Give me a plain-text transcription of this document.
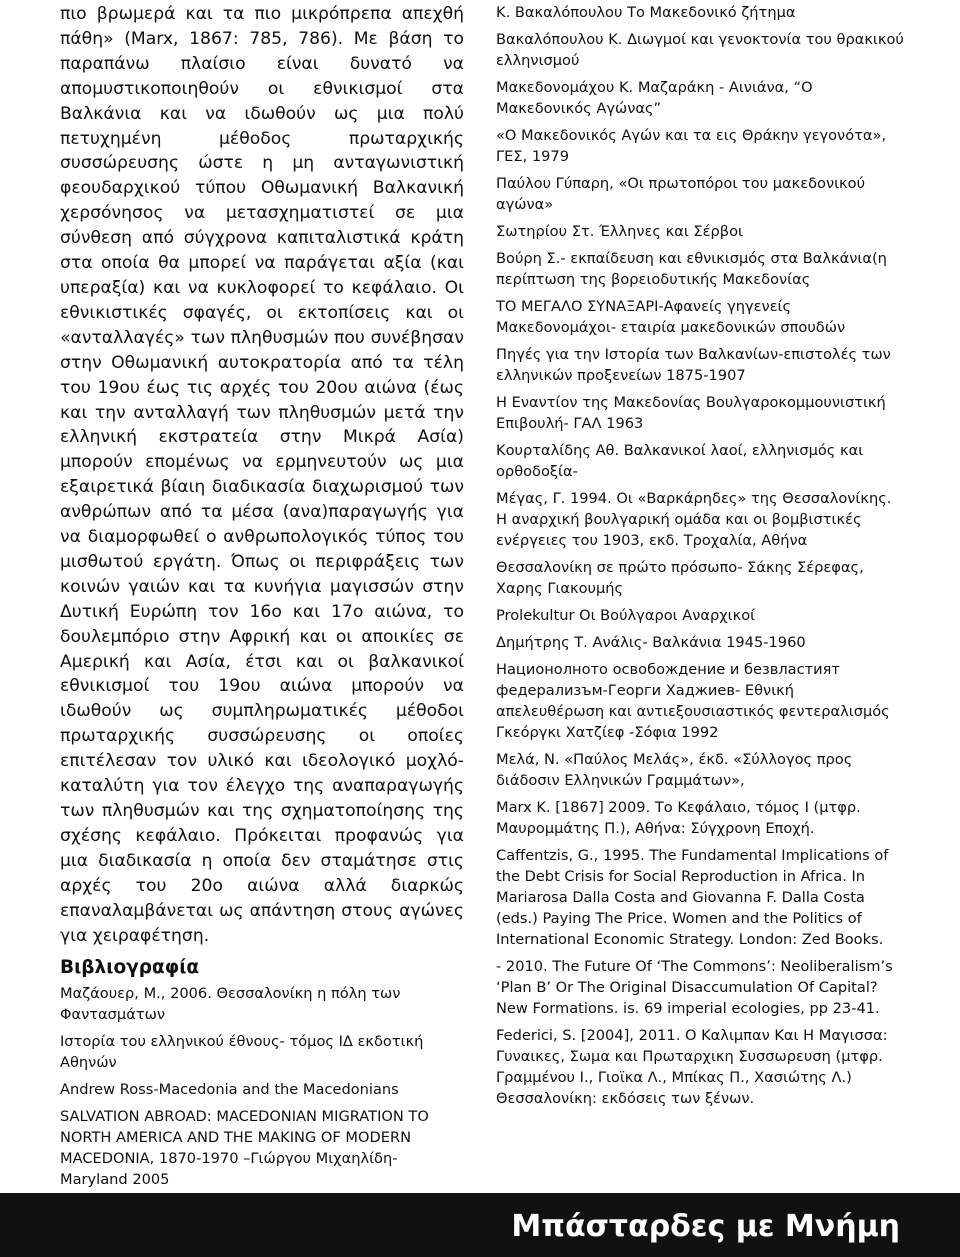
πιο βρωμερά και τα πιο μικρόπρεπα απεχθή πάθη» (Marx, 1867: 785, 786). Με βάση το παραπάνω πλαίσιο είναι δυνατό να απομυστικοποιηθούν οι εθνικισμοί στα Βαλκάνια και να ιδωθούν ως μια πολύ πετυχημένη μέθοδος πρωταρχικής συσσώρευσης ώστε η μη ανταγωνιστική φεουδαρχικού τύπου Οθωμανική Βαλκανική χερσόνησος να μετασχηματιστεί σε μια σύνθεση από σύγχρονα καπιταλιστικά κράτη στα οποία θα μπορεί να παράγεται αξία (και υπεραξία) και να κυκλοφορεί το κεφάλαιο. Οι εθνικιστικές σφαγές, οι εκτοπίσεις και οι «ανταλλαγές» των πληθυσμών που συνέβησαν στην Οθωμανική αυτοκρατορία από τα τέλη του 19ου έως τις αρχές του 20ου αιώνα (έως και την ανταλλαγή των πληθυσμών μετά την ελληνική εκστρατεία στην Μικρά Ασία) μπορούν επομένως να ερμηνευτούν ως μια εξαιρετικά βίαιη διαδικασία διαχωρισμού των ανθρώπων από τα μέσα (ανα)παραγωγής για να διαμορφωθεί ο ανθρωπολογικός τύπος του μισθωτού εργάτη. Όπως οι περιφράξεις των κοινών γαιών και τα κυνήγια μαγισσών στην Δυτική Ευρώπη τον 16ο και 17ο αιώνα, το δουλεμπόριο στην Αφρική και οι αποικίες σε Αμερική και Ασία, έτσι και οι βαλκανικοί εθνικισμοί του 19ου αιώνα μπορούν να ιδωθούν ως συμπληρωματικές μέθοδοι πρωταρχικής συσσώρευσης οι οποίες επιτέλεσαν τον υλικό και ιδεολογικό μοχλό-καταλύτη για τον έλεγχο της αναπαραγωγής των πληθυσμών και της σχηματοποίησης της σχέσης κεφάλαιο. Πρόκειται προφανώς για μια διαδικασία η οποία δεν σταμάτησε στις αρχές του 20ο αιώνα αλλά διαρκώς επαναλαμβάνεται ως απάντηση στους αγώνες για χειραφέτηση.

Βιβλιογραφία

Μαζάουερ, Μ., 2006. Θεσσαλονίκη η πόλη των Φαντασμάτων

Ιστορία του ελληνικού έθνους- τόμος ΙΔ εκδοτική Αθηνών

Andrew Ross-Macedonia and the Macedonians

SALVATION ABROAD: MACEDONIAN MIGRATION TO NORTH AMERICA AND THE MAKING OF MODERN MACEDONIA, 1870-1970 –Γιώργου Μιχαηλίδη-Maryland 2005

Κ. Βακαλόπουλου Το Μακεδονικό ζήτημα

Βακαλόπουλου Κ. Διωγμοί και γενοκτονία του θρακικού ελληνισμού

Μακεδονομάχου Κ. Μαζαράκη - Αινιάνα, “Ο Μακεδονικός Αγώνας”

«Ο Μακεδονικός Αγών και τα εις Θράκην γεγονότα», ΓΕΣ, 1979

Παύλου Γύπαρη, «Οι πρωτοπόροι του μακεδονικού αγώνα»

Σωτηρίου Στ. Έλληνες και Σέρβοι

Βούρη Σ.- εκπαίδευση και εθνικισμός στα Βαλκάνια(η περίπτωση της βορειοδυτικής Μακεδονίας

ΤΟ ΜΕΓΑΛΟ ΣΥΝΑΞΑΡΙ-Αφανείς γηγενείς Μακεδονομάχοι- εταιρία μακεδονικών σπουδών

Πηγές για την Ιστορία των Βαλκανίων-επιστολές των ελληνικών προξενείων 1875-1907

Η Εναντίον της Μακεδονίας Βουλγαροκομμουνιστική Επιβουλή- ΓΑΛ 1963

Κουρταλίδης Αθ. Βαλκανικοί λαοί, ελληνισμός και ορθοδοξία-

Μέγας, Γ. 1994. Οι «Βαρκάρηδες» της Θεσσαλονίκης. Η αναρχική βουλγαρική ομάδα και οι βομβιστικές ενέργειες του 1903, εκδ. Τροχαλία, Αθήνα

Θεσσαλονίκη σε πρώτο πρόσωπο- Σάκης Σέρεφας, Χαρης Γιακουμής

Prolekultur Οι Βούλγαροι Αναρχικοί

Δημήτρης Τ. Ανάλις- Βαλκάνια 1945-1960

Национолното освобождение и безвластият федерализъм-Георги Хаджиев- Εθνική απελευθέρωση και αντιεξουσιαστικός φεντεραλισμός Γκεόργκι Χατζίεφ -Σόφια 1992

Μελά, Ν. «Παύλος Μελάς», έκδ. «Σύλλογος προς διάδοσιν Ελληνικών Γραμμάτων»,

Marx K. [1867] 2009. Το Κεφάλαιο, τόμος I (μτφρ. Μαυρομμάτης Π.), Αθήνα: Σύγχρονη Εποχή.

Caffentzis, G., 1995. The Fundamental Implications of the Debt Crisis for Social Reproduction in Africa. In Mariarosa Dalla Costa and Giovanna F. Dalla Costa (eds.) Paying The Price. Women and the Politics of International Economic Strategy. London: Zed Books.

- 2010. The Future Of ‘The Commons’: Neoliberalism’s ‘Plan B’ Or The Original Disaccumulation Of Capital? New Formations. is. 69 imperial ecologies, pp 23-41.

Federici, S. [2004], 2011. Ο Καλιμπαν Και Η Μαγισσα: Γυναικες, Σωμα και Πρωταρχικη Συσσωρευση (μτφρ. Γραμμένου Ι., Γιοϊκα Λ., Μπίκας Π., Χασιώτης Λ.) Θεσσαλονίκη: εκδόσεις των ξένων.

Μπάσταρδες με Μνήμη
